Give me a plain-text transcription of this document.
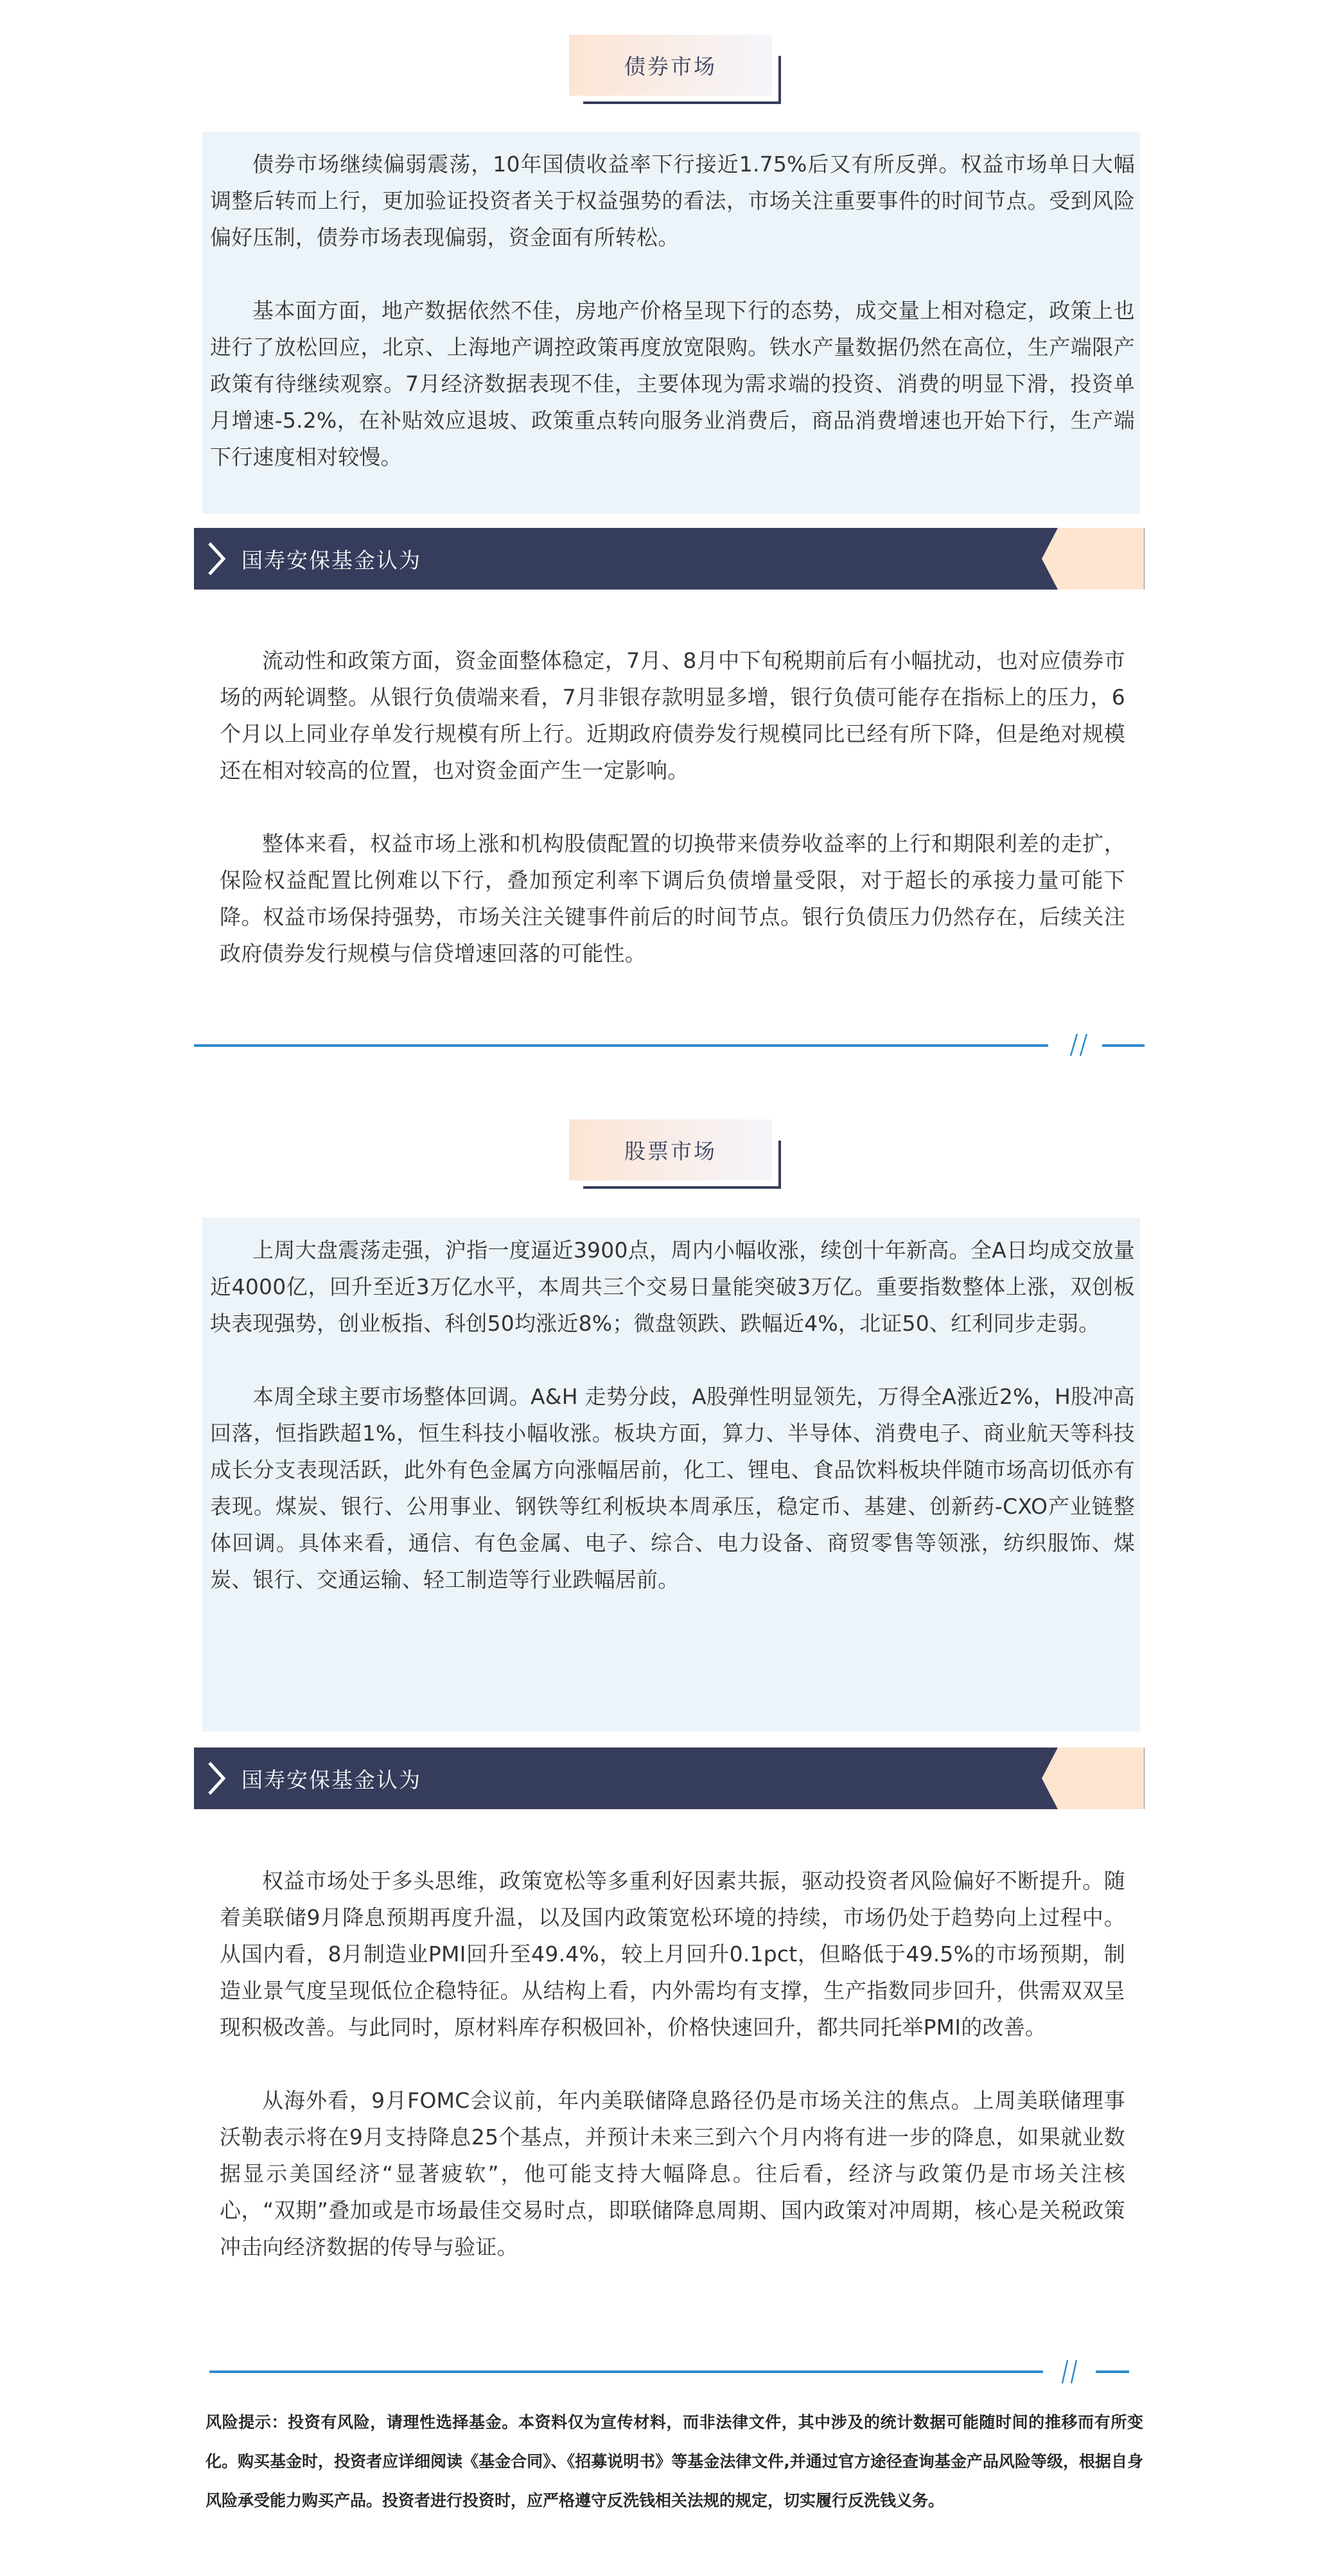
债券市场

债券市场继续偏弱震荡，10年国债收益率下行接近1.75%后又有所反弹。权益市场单日大幅调整后转而上行，更加验证投资者关于权益强势的看法，市场关注重要事件的时间节点。受到风险偏好压制，债券市场表现偏弱，资金面有所转松。

基本面方面，地产数据依然不佳，房地产价格呈现下行的态势，成交量上相对稳定，政策上也进行了放松回应，北京、上海地产调控政策再度放宽限购。铁水产量数据仍然在高位，生产端限产政策有待继续观察。7月经济数据表现不佳，主要体现为需求端的投资、消费的明显下滑，投资单月增速-5.2%，在补贴效应退坡、政策重点转向服务业消费后，商品消费增速也开始下行，生产端下行速度相对较慢。

国寿安保基金认为

流动性和政策方面，资金面整体稳定，7月、8月中下旬税期前后有小幅扰动，也对应债券市场的两轮调整。从银行负债端来看，7月非银存款明显多增，银行负债可能存在指标上的压力，6个月以上同业存单发行规模有所上行。近期政府债券发行规模同比已经有所下降，但是绝对规模还在相对较高的位置，也对资金面产生一定影响。

整体来看，权益市场上涨和机构股债配置的切换带来债券收益率的上行和期限利差的走扩，保险权益配置比例难以下行，叠加预定利率下调后负债增量受限，对于超长的承接力量可能下降。权益市场保持强势，市场关注关键事件前后的时间节点。银行负债压力仍然存在，后续关注政府债券发行规模与信贷增速回落的可能性。

股票市场

上周大盘震荡走强，沪指一度逼近3900点，周内小幅收涨，续创十年新高。全A日均成交放量近4000亿，回升至近3万亿水平，本周共三个交易日量能突破3万亿。重要指数整体上涨，双创板块表现强势，创业板指、科创50均涨近8%；微盘领跌、跌幅近4%，北证50、红利同步走弱。

本周全球主要市场整体回调。A&H 走势分歧，A股弹性明显领先，万得全A涨近2%，H股冲高回落，恒指跌超1%，恒生科技小幅收涨。板块方面，算力、半导体、消费电子、商业航天等科技成长分支表现活跃，此外有色金属方向涨幅居前，化工、锂电、食品饮料板块伴随市场高切低亦有表现。煤炭、银行、公用事业、钢铁等红利板块本周承压，稳定币、基建、创新药-CXO产业链整体回调。具体来看，通信、有色金属、电子、综合、电力设备、商贸零售等领涨，纺织服饰、煤炭、银行、交通运输、轻工制造等行业跌幅居前。

国寿安保基金认为

权益市场处于多头思维，政策宽松等多重利好因素共振，驱动投资者风险偏好不断提升。随着美联储9月降息预期再度升温，以及国内政策宽松环境的持续，市场仍处于趋势向上过程中。从国内看，8月制造业PMI回升至49.4%，较上月回升0.1pct，但略低于49.5%的市场预期，制造业景气度呈现低位企稳特征。从结构上看，内外需均有支撑，生产指数同步回升，供需双双呈现积极改善。与此同时，原材料库存积极回补，价格快速回升，都共同托举PMI的改善。

从海外看，9月FOMC会议前，年内美联储降息路径仍是市场关注的焦点。上周美联储理事沃勒表示将在9月支持降息25个基点，并预计未来三到六个月内将有进一步的降息，如果就业数据显示美国经济“显著疲软”，他可能支持大幅降息。往后看，经济与政策仍是市场关注核心，“双期”叠加或是市场最佳交易时点，即联储降息周期、国内政策对冲周期，核心是关税政策冲击向经济数据的传导与验证。

风险提示：投资有风险，请理性选择基金。本资料仅为宣传材料，而非法律文件，其中涉及的统计数据可能随时间的推移而有所变化。购买基金时，投资者应详细阅读《基金合同》、《招募说明书》等基金法律文件,并通过官方途径查询基金产品风险等级，根据自身风险承受能力购买产品。投资者进行投资时，应严格遵守反洗钱相关法规的规定，切实履行反洗钱义务。
